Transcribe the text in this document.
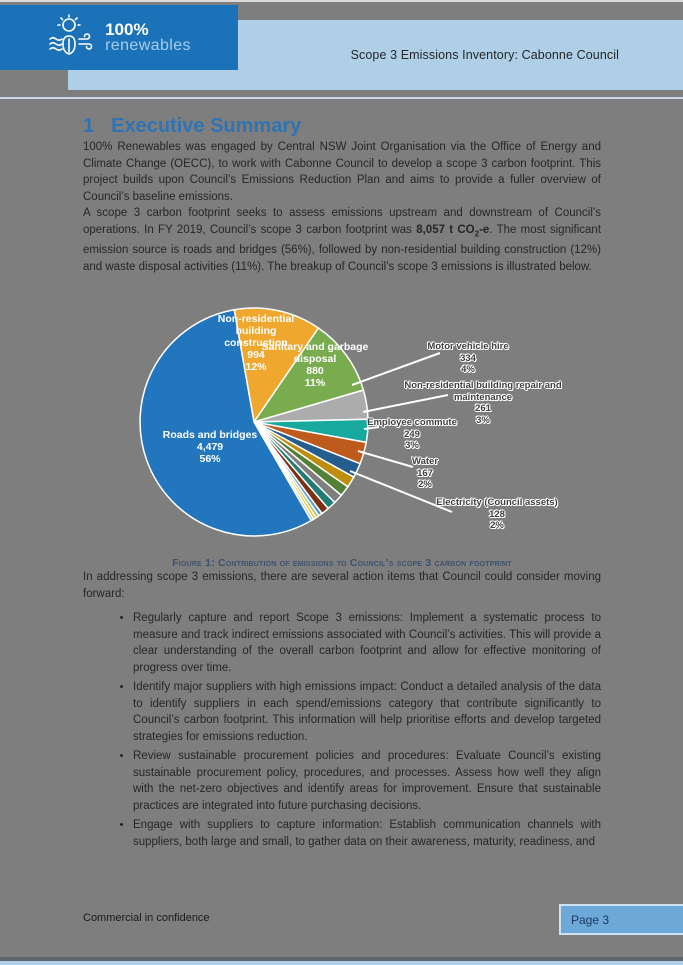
Scope 3 Emissions Inventory: Cabonne Council
100%
renewables
1 Executive Summary

100% Renewables was engaged by Central NSW Joint Organisation via the Office of Energy and Climate Change (OECC), to work with Cabonne Council to develop a scope 3 carbon footprint. This project builds upon Council’s Emissions Reduction Plan and aims to provide a fuller overview of Council’s baseline emissions.

A scope 3 carbon footprint seeks to assess emissions upstream and downstream of Council’s operations. In FY 2019, Council’s scope 3 carbon footprint was 8,057 t $CO_2-e$. The most significant emission source is roads and bridges (56%), followed by non-residential building construction (12%) and waste disposal activities (11%). The breakup of Council’s scope 3 emissions is illustrated below.

Roads and bridges
4,479
56%
Non-residential building construction
994
12%
Sanitary and garbage disposal
880
11%
Motor vehicle hire
334
4%
Non-residential building repair and maintenance
261
3%
Employee commute
249
3%
Water
167
2%
Electricity (Council assets)
128
2%
Figure 1: Contribution of emissions to Council’s scope 3 carbon footprint

In addressing scope 3 emissions, there are several action items that Council could consider moving forward:

• Regularly capture and report Scope 3 emissions: Implement a systematic process to measure and track indirect emissions associated with Council’s activities. This will provide a clear understanding of the overall carbon footprint and allow for effective monitoring of progress over time.
• Identify major suppliers with high emissions impact: Conduct a detailed analysis of the data to identify suppliers in each spend/emissions category that contribute significantly to Council’s carbon footprint. This information will help prioritise efforts and develop targeted strategies for emissions reduction.
• Review sustainable procurement policies and procedures: Evaluate Council’s existing sustainable procurement policy, procedures, and processes. Assess how well they align with the net-zero objectives and identify areas for improvement. Ensure that sustainable practices are integrated into future purchasing decisions.
• Engage with suppliers to capture information: Establish communication channels with suppliers, both large and small, to gather data on their awareness, maturity, readiness, and
Commercial in confidence	Page 3
